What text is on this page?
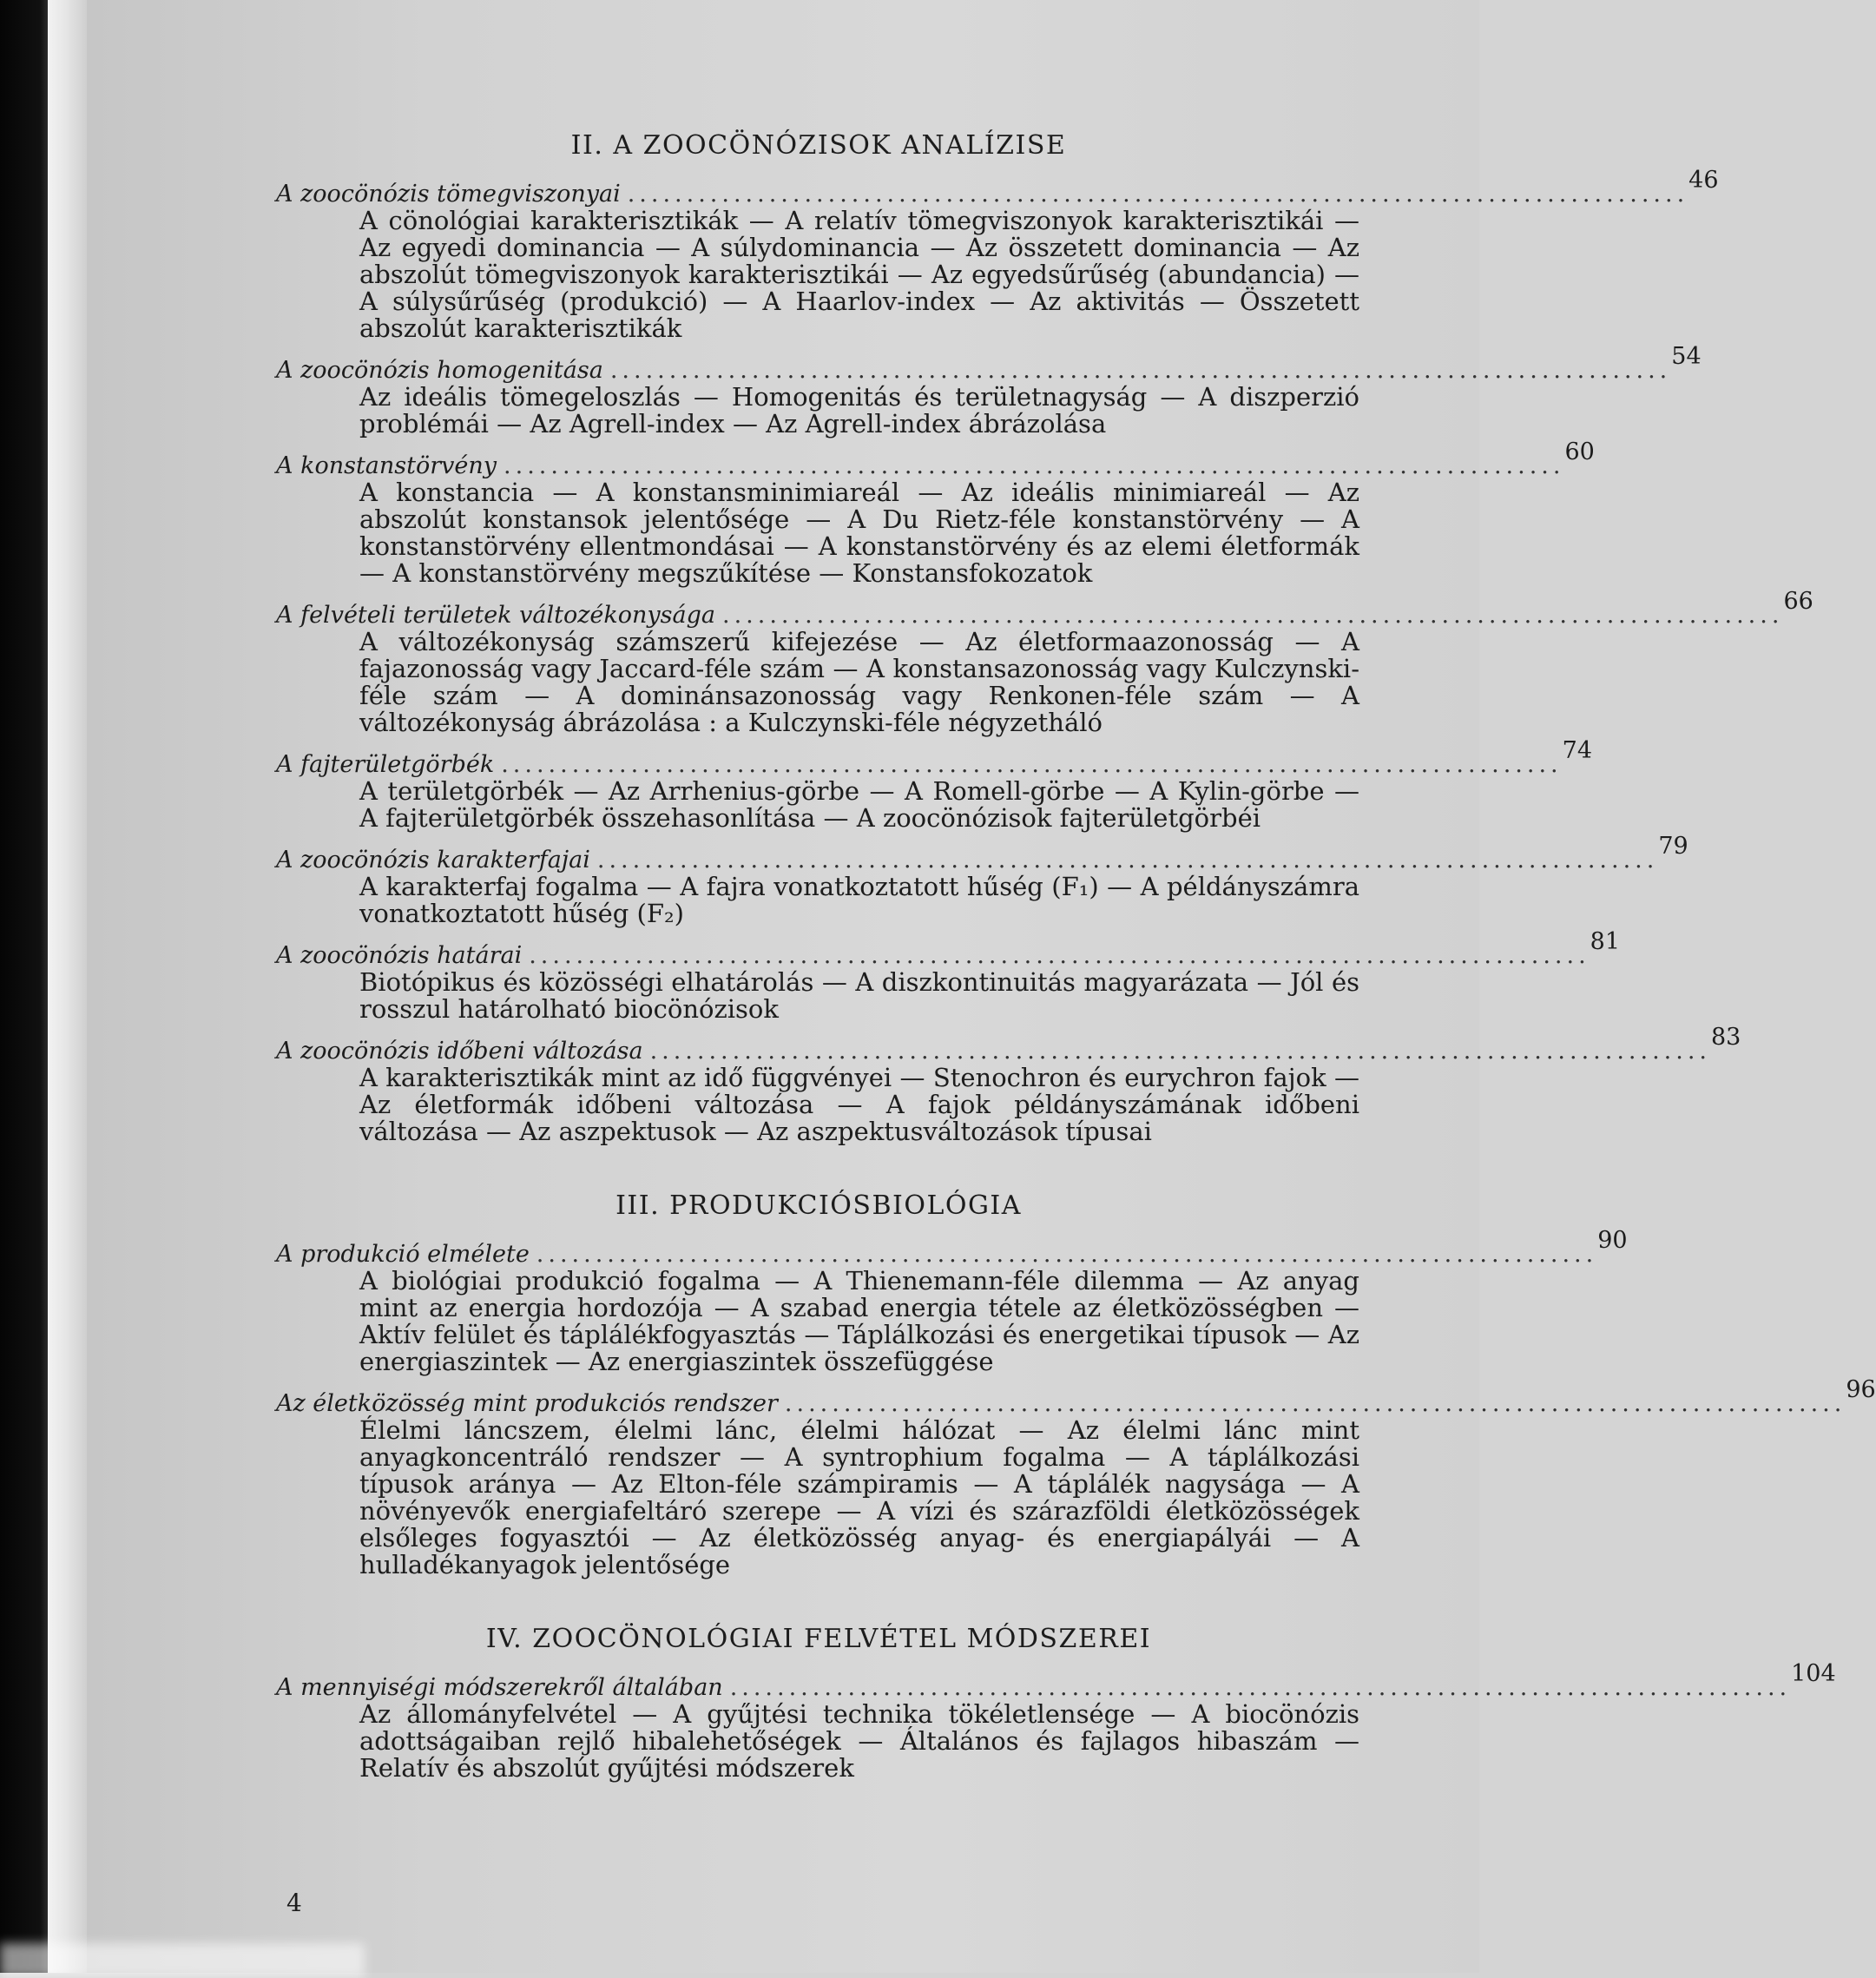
II. A ZOOCÖNÓZISOK ANALÍZISE
A zoocönózis tömegviszonyai ..........................................................................................
46
A cönológiai karakterisztikák — A relatív tömegviszonyok karakterisztikái — Az egyedi dominancia — A súlydominancia — Az összetett dominancia — Az abszolút tömegviszonyok karakterisztikái — Az egyedsűrűség (abundancia) — A súlysűrűség (produkció) — A Haarlov-index — Az aktivitás — Összetett abszolút karakterisztikák
A zoocönózis homogenitása ..........................................................................................
54
Az ideális tömegeloszlás — Homogenitás és területnagyság — A diszperzió problémái — Az Agrell-index — Az Agrell-index ábrázolása
A konstanstörvény ..........................................................................................
60
A konstancia — A konstansminimiareál — Az ideális minimiareál — Az abszolút konstansok jelentősége — A Du Rietz-féle konstanstörvény — A konstanstörvény ellentmondásai — A konstanstörvény és az elemi életformák — A konstanstörvény megszűkítése — Konstansfokozatok
A felvételi területek változékonysága ..........................................................................................
66
A változékonyság számszerű kifejezése — Az életformaazonosság — A fajazonosság vagy Jaccard-féle szám — A konstansazonosság vagy Kulczynski-féle szám — A dominánsazonosság vagy Renkonen-féle szám — A változékonyság ábrázolása : a Kulczynski-féle négyzetháló
A fajterületgörbék ..........................................................................................
74
A területgörbék — Az Arrhenius-görbe — A Romell-görbe — A Kylin-görbe — A fajterületgörbék összehasonlítása — A zoocönózisok fajterületgörbéi
A zoocönózis karakterfajai ..........................................................................................
79
A karakterfaj fogalma — A fajra vonatkoztatott hűség (F₁) — A példányszámra vonatkoztatott hűség (F₂)
A zoocönózis határai ..........................................................................................
81
Biotópikus és közösségi elhatárolás — A diszkontinuitás magyarázata — Jól és rosszul határolható biocönózisok
A zoocönózis időbeni változása ..........................................................................................
83
A karakterisztikák mint az idő függvényei — Stenochron és eurychron fajok — Az életformák időbeni változása — A fajok példányszámának időbeni változása — Az aszpektusok — Az aszpektusváltozások típusai
III. PRODUKCIÓSBIOLÓGIA
A produkció elmélete ..........................................................................................
90
A biológiai produkció fogalma — A Thienemann-féle dilemma — Az anyag mint az energia hordozója — A szabad energia tétele az életközösségben — Aktív felület és táplálékfogyasztás — Táplálkozási és energetikai típusok — Az energiaszintek — Az energiaszintek összefüggése
Az életközösség mint produkciós rendszer ..........................................................................................
96
Élelmi láncszem, élelmi lánc, élelmi hálózat — Az élelmi lánc mint anyagkoncentráló rendszer — A syntrophium fogalma — A táplálkozási típusok aránya — Az Elton-féle számpiramis — A táplálék nagysága — A növényevők energiafeltáró szerepe — A vízi és szárazföldi életközösségek elsőleges fogyasztói — Az életközösség anyag- és energiapályái — A hulladékanyagok jelentősége
IV. ZOOCÖNOLÓGIAI FELVÉTEL MÓDSZEREI
A mennyiségi módszerekről általában ..........................................................................................
104
Az állományfelvétel — A gyűjtési technika tökéletlensége — A biocönózis adottságaiban rejlő hibalehetőségek — Általános és fajlagos hibaszám — Relatív és abszolút gyűjtési módszerek
4
